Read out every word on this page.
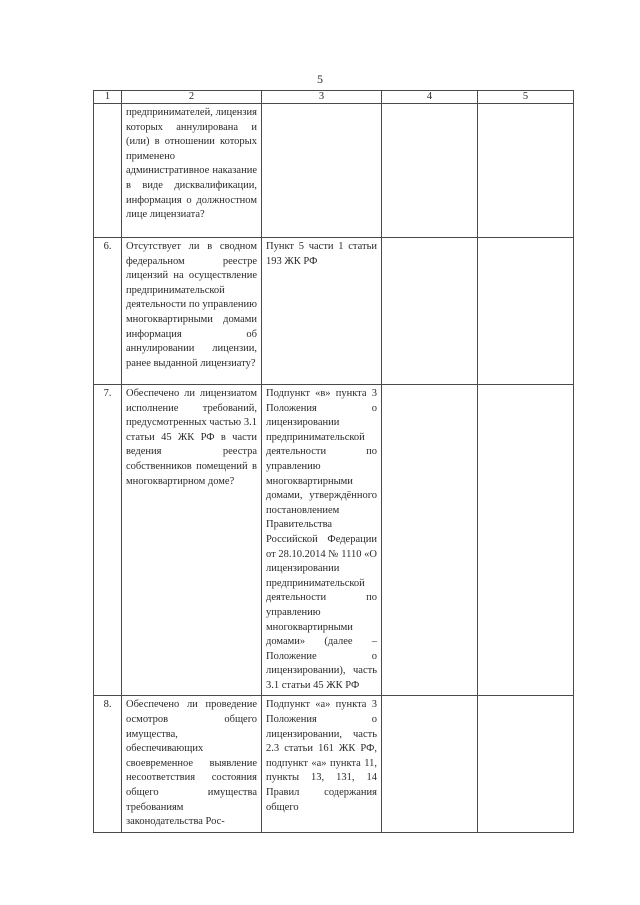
5
1	2	3	4	5
	предпринимателей, лицензия которых аннулирована и (или) в отношении которых применено административное наказание в виде дисквалификации, информация о должностном лице лицензиата?			
6.	Отсутствует ли в сводном федеральном реестре лицензий на осуществление предпринимательской деятельности по управлению многоквартирными домами информация об аннулировании лицензии, ранее выданной лицензиату?	Пункт 5 части 1 статьи 193 ЖК РФ		
7.	Обеспечено ли лицензиатом исполнение требований, предусмотренных частью 3.1 статьи 45 ЖК РФ в части ведения реестра собственников помещений в многоквартирном доме?	Подпункт «в» пункта 3 Положения о лицензировании предпринимательской деятельности по управлению многоквартирными домами, утверждённого постановлением Правительства Российской Федерации от 28.10.2014 № 1110 «О лицензировании предпринимательской деятельности по управлению многоквартирными домами» (далее – Положение о лицензировании), часть 3.1 статьи 45 ЖК РФ		
8.	Обеспечено ли проведение осмотров общего имущества, обеспечивающих своевременное выявление несоответствия состояния общего имущества требованиям законодательства Рос-	Подпункт «а» пункта 3 Положения о лицензировании, часть 2.3 статьи 161 ЖК РФ, подпункт «а» пункта 11, пункты 13, 131, 14 Правил содержания общего		
